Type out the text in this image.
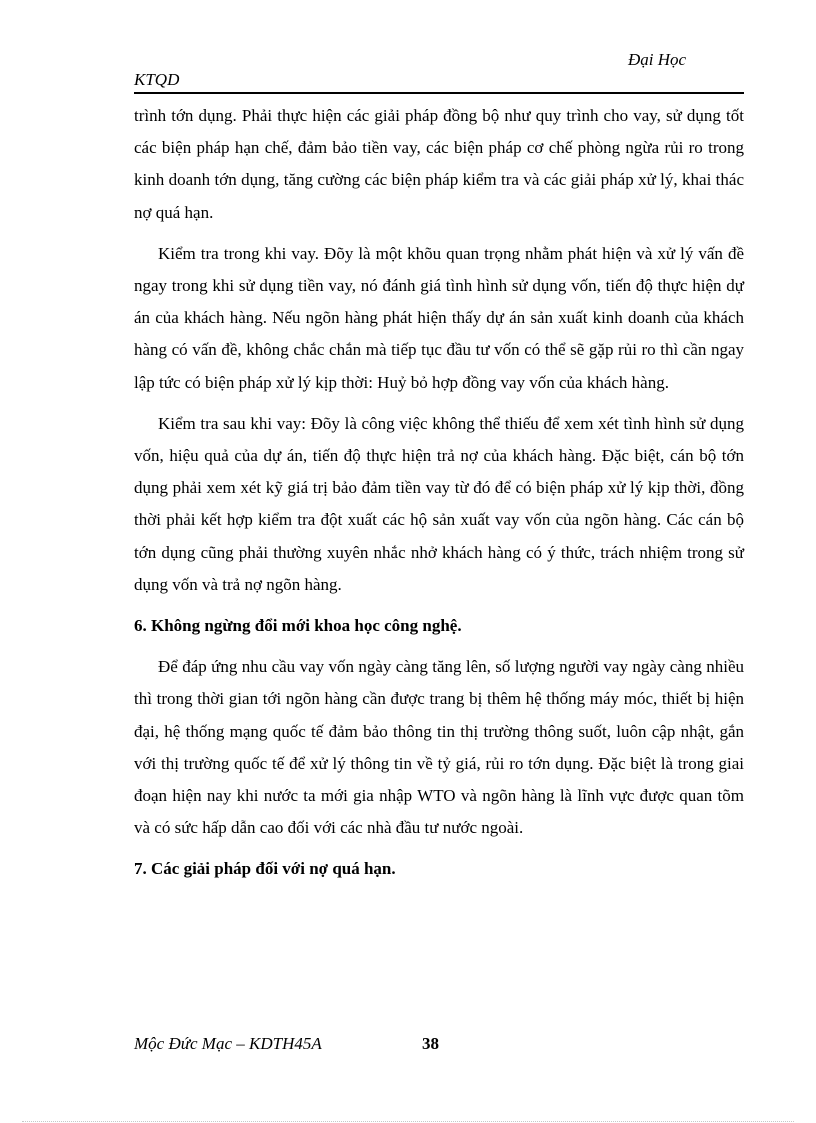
Đại Học
KTQD

trình tớn dụng. Phải thực hiện các giải pháp đồng bộ như quy trình cho vay, sử dụng tốt các biện pháp hạn chế, đảm bảo tiền vay, các biện pháp cơ chế phòng ngừa rủi ro trong kinh doanh tớn dụng, tăng cường các biện pháp kiểm tra và các giải pháp xử lý, khai thác nợ quá hạn.

Kiểm tra trong khi vay. Đõy là một khõu quan trọng nhằm phát hiện và xử lý vấn đề ngay trong khi sử dụng tiền vay, nó đánh giá tình hình sử dụng vốn, tiến độ thực hiện dự án của khách hàng. Nếu ngõn hàng phát hiện thấy dự án sản xuất kinh doanh của khách hàng có vấn đề, không chắc chắn mà tiếp tục đầu tư vốn có thể sẽ gặp rủi ro thì cần ngay lập tức có biện pháp xử lý kịp thời: Huỷ bỏ hợp đồng vay vốn của khách hàng.

Kiểm tra sau khi vay: Đõy là công việc không thể thiếu để xem xét tình hình sử dụng vốn, hiệu quả của dự án, tiến độ thực hiện trả nợ của khách hàng. Đặc biệt, cán bộ tớn dụng phải xem xét kỹ giá trị bảo đảm tiền vay từ đó để có biện pháp xử lý kịp thời, đồng thời phải kết hợp kiểm tra đột xuất các hộ sản xuất vay vốn của ngõn hàng. Các cán bộ tớn dụng cũng phải thường xuyên nhắc nhở khách hàng có ý thức, trách nhiệm trong sử dụng vốn và trả nợ ngõn hàng.

6. Không ngừng đổi mới khoa học công nghệ.

Để đáp ứng nhu cầu vay vốn ngày càng tăng lên, số lượng người vay ngày càng nhiều thì trong thời gian tới ngõn hàng cần được trang bị thêm hệ thống máy móc, thiết bị hiện đại, hệ thống mạng quốc tế đảm bảo thông tin thị trường thông suốt, luôn cập nhật, gắn với thị trường quốc tế để xử lý thông tin về tỷ giá, rủi ro tớn dụng. Đặc biệt là trong giai đoạn hiện nay khi nước ta mới gia nhập WTO và ngõn hàng là lĩnh vực được quan tõm và có sức hấp dẫn cao đối với các nhà đầu tư nước ngoài.

7. Các giải pháp đối với nợ quá hạn.

Mộc Đức Mạc – KDTH45A	38
